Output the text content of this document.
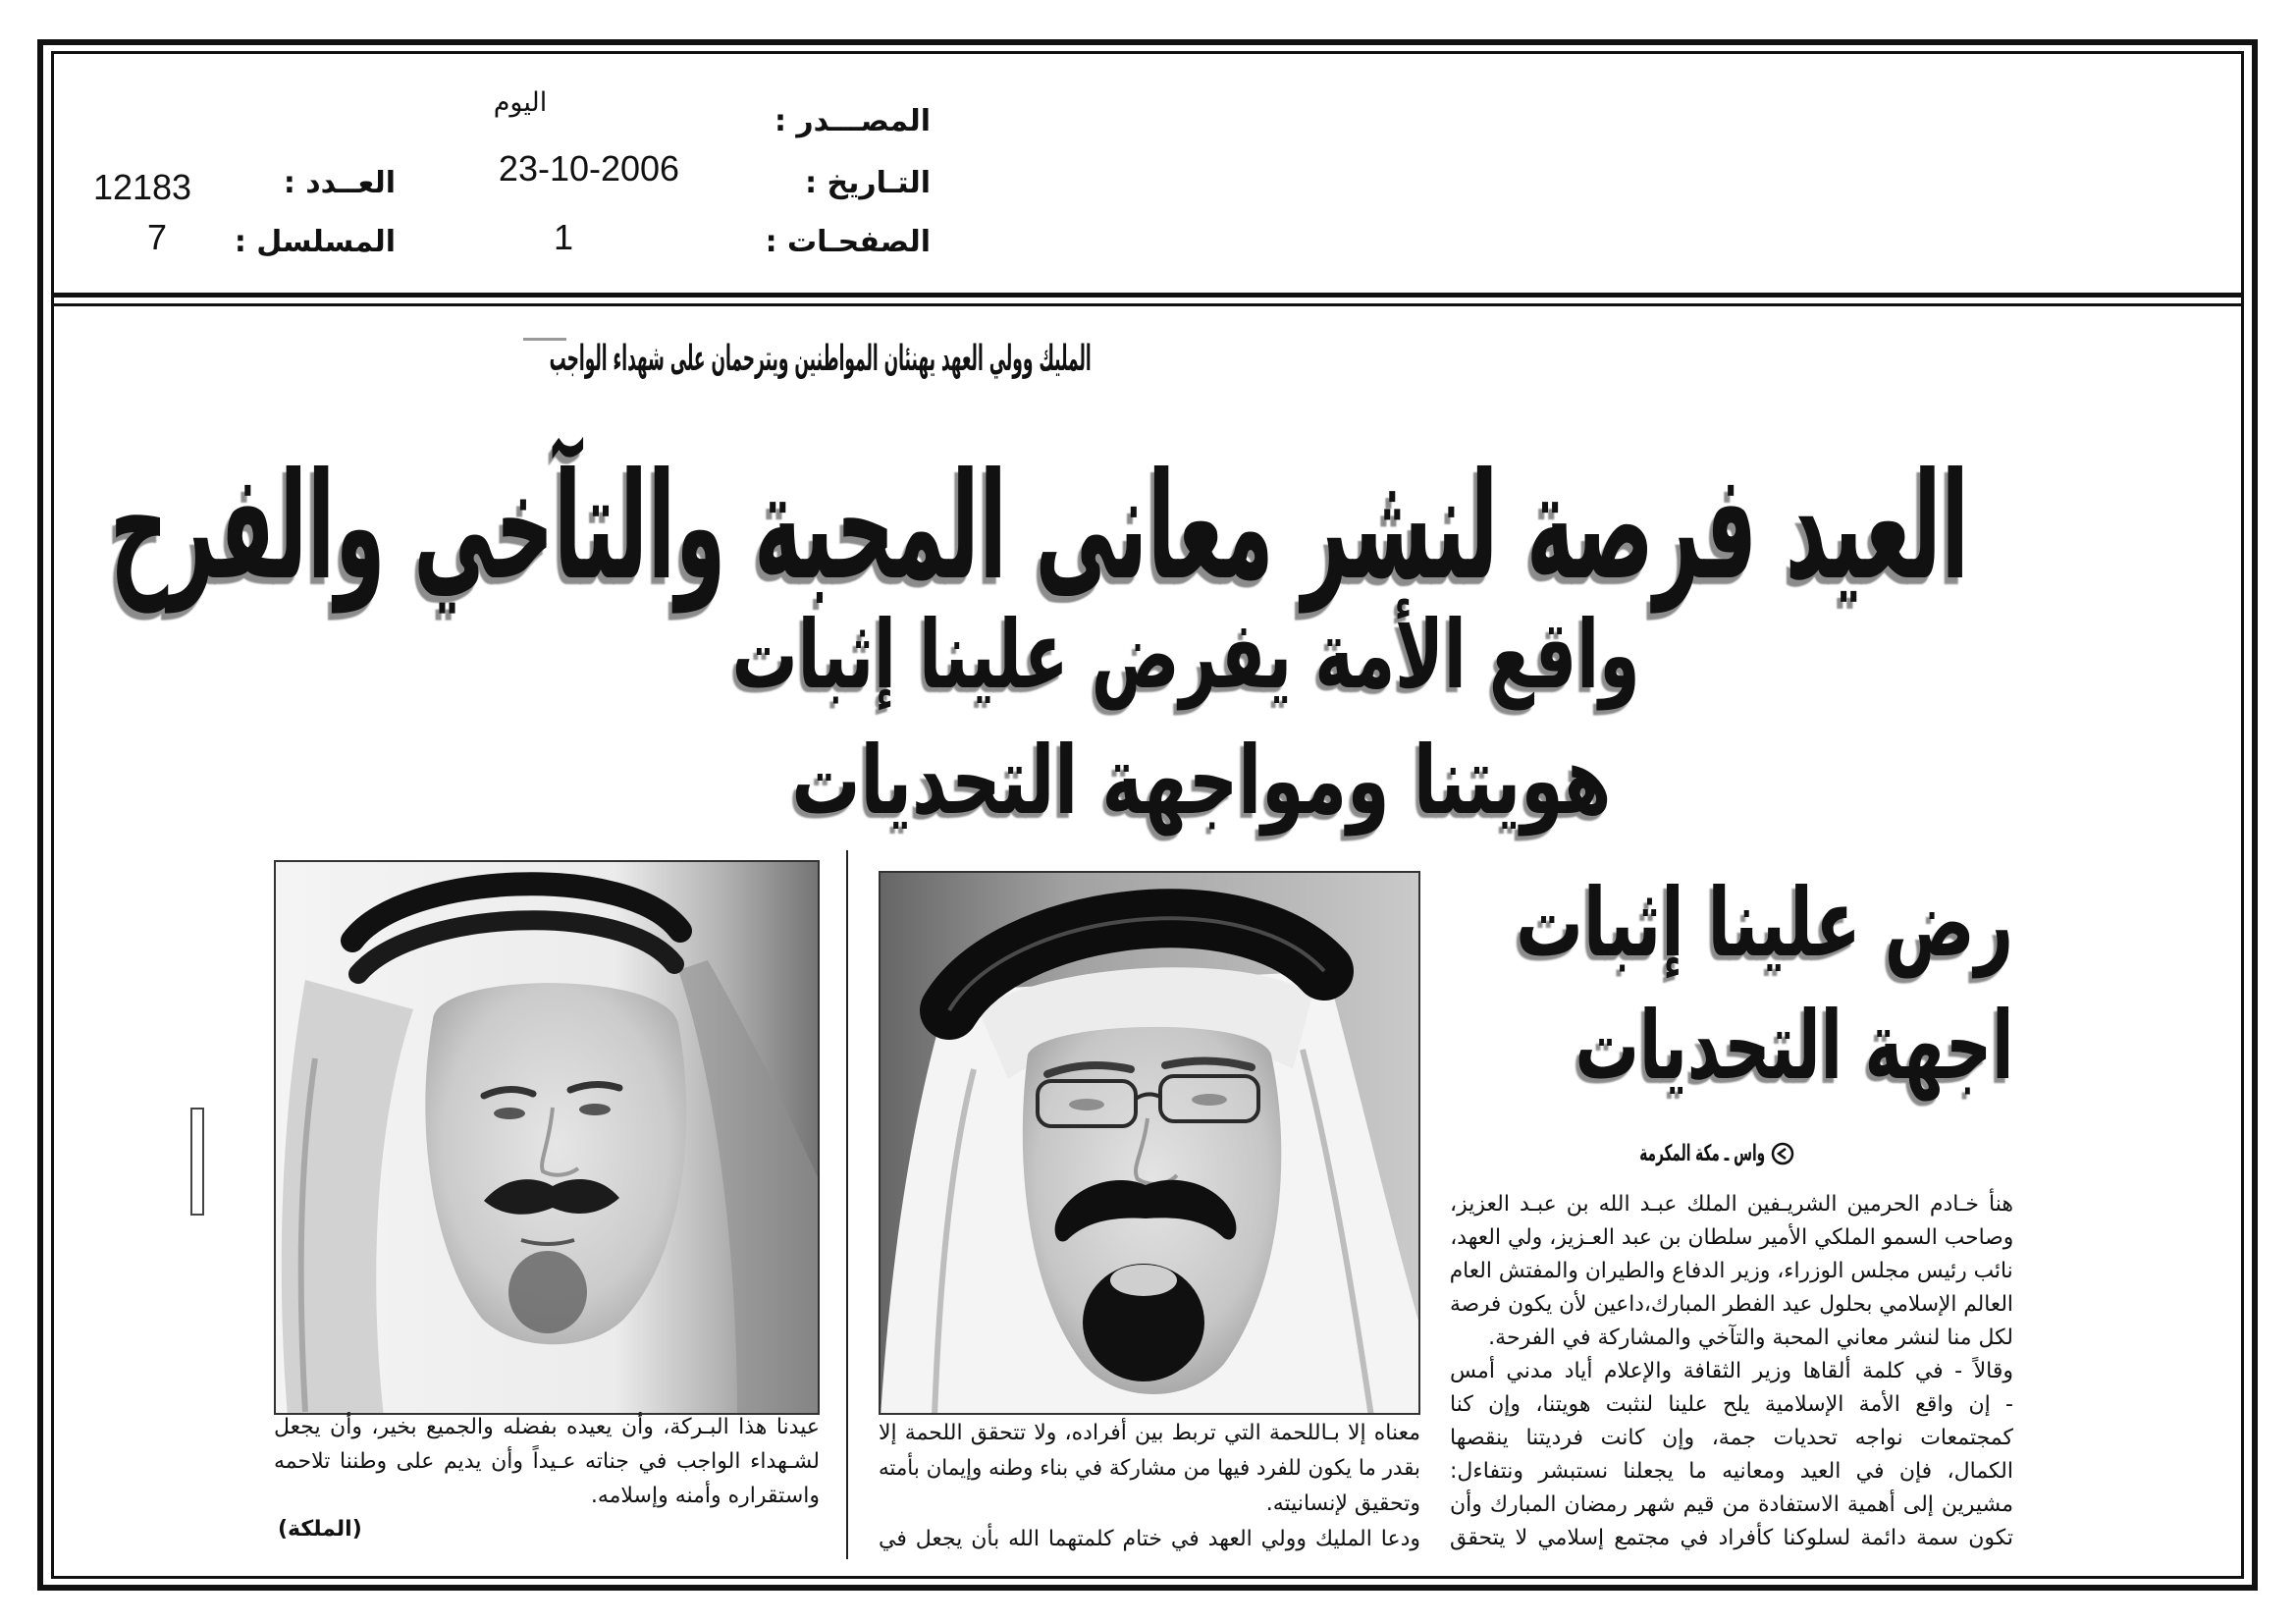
المصـــدر :
اليوم
التـاريخ :
23-10-2006
الصفحـات :
1
العــدد :
12183
المسلسل :
7
المليك وولي العهد يهنئان المواطنين ويترحمان على شهداء الواجب
العيد فرصة لنشر معانى المحبة والتآخي والفرح
واقع الأمة يفرض علينا إثبات
هويتنا ومواجهة التحديات
رض علينا إثبات
اجهة التحديات
واس ـ مكة المكرمة
هنأ خـادم الحرمين الشريـفين الملك عبـد الله بن عبـد العزيز،
وصاحب السمو الملكي الأمير سلطان بن عبد العـزيز، ولي العهد،
نائب رئيس مجلس الوزراء، وزير الدفاع والطيران والمفتش العام
العالم الإسلامي بحلول عيد الفطر المبارك،داعين لأن يكون فرصة
لكل منا لنشر معاني المحبة والتآخي والمشاركة في الفرحة.
وقالاً - في كلمة ألقاها وزير الثقافة والإعلام أياد مدني أمس
- إن واقع الأمة الإسلامية يلح علينا لنثبت هويتنا، وإن كنا
كمجتمعات نواجه تحديات جمة، وإن كانت فرديتنا ينقصها
الكمال، فإن في العيد ومعانيه ما يجعلنا نستبشر ونتفاءل:
مشيرين إلى أهمية الاستفادة من قيم شهر رمضان المبارك وأن
تكون سمة دائمة لسلوكنا كأفراد في مجتمع إسلامي لا يتحقق
معناه إلا بـاللحمة التي تربط بين أفراده، ولا تتحقق اللحمة إلا
بقدر ما يكون للفرد فيها من مشاركة في بناء وطنه وإيمان بأمته
وتحقيق لإنسانيته.
ودعا المليك وولي العهد في ختام كلمتهما الله بأن يجعل في
عيدنا هذا البـركة، وأن يعيده بفضله والجميع بخير، وأن يجعل
لشـهداء الواجب في جناته عـيداً وأن يديم على وطننا تلاحمه
واستقراره وأمنه وإسلامه.
(الملكة)
